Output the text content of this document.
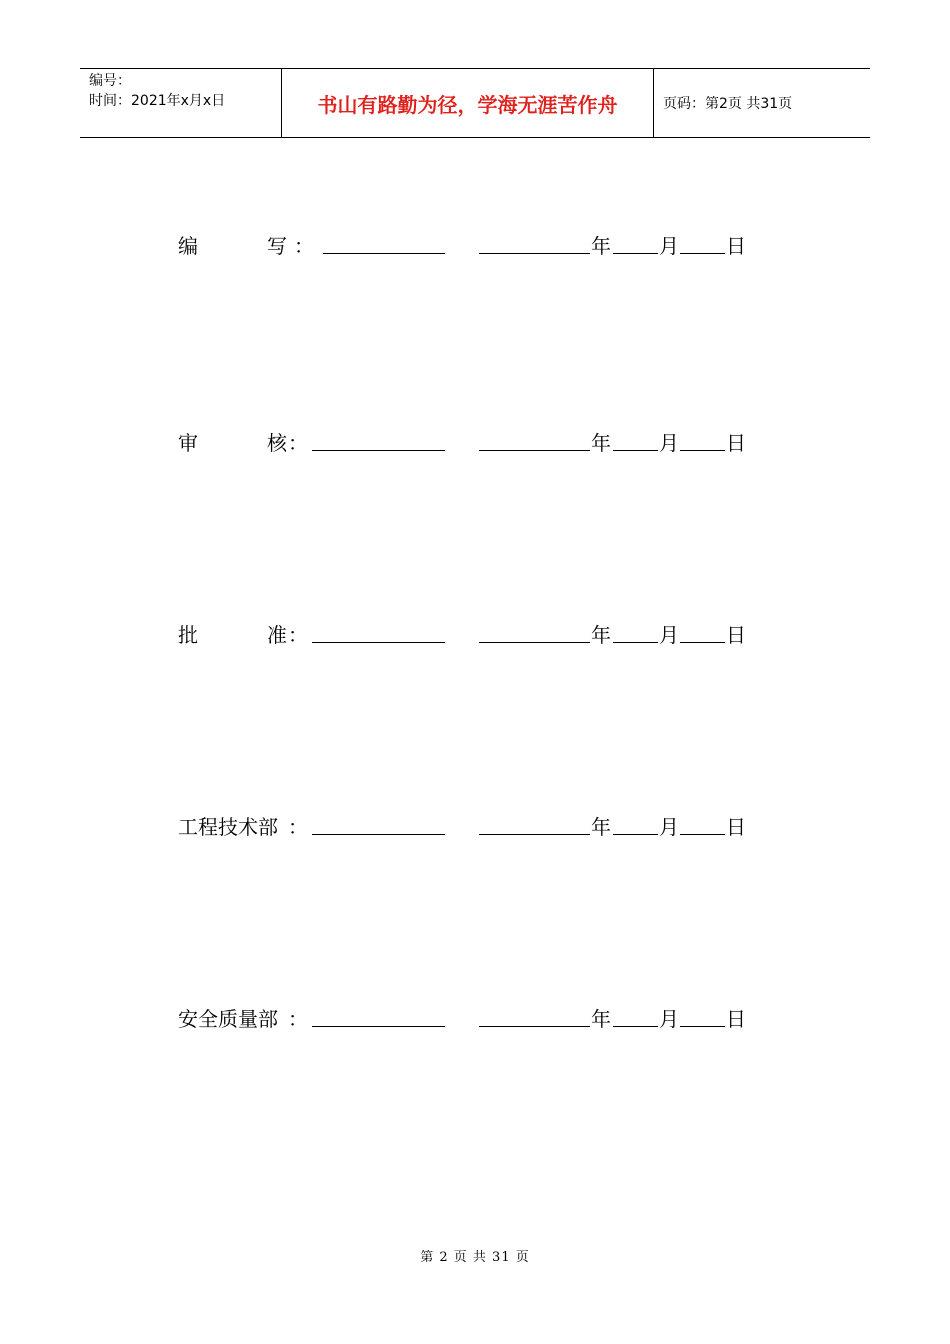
编号：
时间：2021年x月x日	书山有路勤为径，学海无涯苦作舟	页码：第2页 共31页
编	写 ：	年 月 日
审	核 ：	年 月 日
批	准 ：	年 月 日
工程技术部 ：	年 月 日
安全质量部 ：	年 月 日
第 2 页 共 31 页
